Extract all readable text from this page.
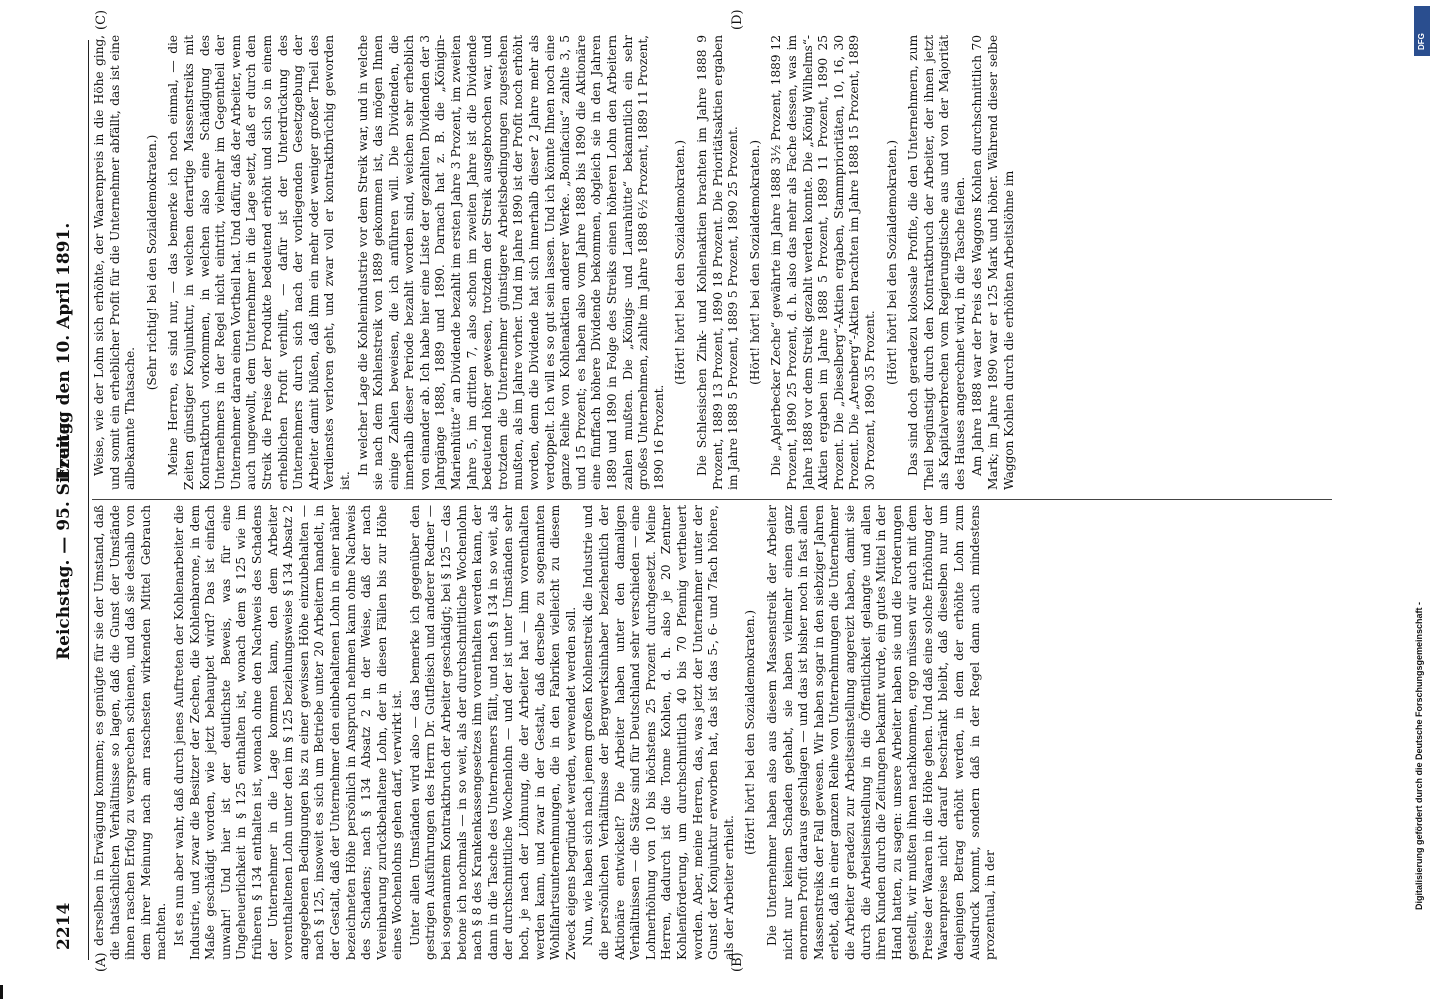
2214
Reichstag. — 95. Sitzung.
Freitag den 10. April 1891.
(A)	(B)
(C)	(D)

derselben in Erwägung kommen; es genügte für sie der Umstand, daß die thatsächlichen Verhältnisse so lagen, daß die Gunst der Umstände ihnen raschen Erfolg zu versprechen schienen, und daß sie deshalb von dem ihrer Meinung nach am raschesten wirkenden Mittel Gebrauch machten. Ist es nun aber wahr, daß durch jenes Auftreten der Kohlenarbeiter die Industrie, und zwar die Besitzer der Zechen, die Kohlenbarone, in dem Maße geschädigt worden, wie jetzt behauptet wird? Das ist einfach unwahr! Und hier ist der deutlichste Beweis, was für eine Ungeheuerlichkeit in § 125 enthalten ist, wonach dem § 125 wie im früheren § 134 enthalten ist, wonach ohne den Nachweis des Schadens der Unternehmer in die Lage kommen kann, den dem Arbeiter vorenthaltenen Lohn unter den im § 125 beziehungsweise § 134 Absatz 2 angegebenen Bedingungen bis zu einer gewissen Höhe einzubehalten — nach § 125, insoweit es sich um Betriebe unter 20 Arbeitern handelt, in der Gestalt, daß der Unternehmer den einbehaltenen Lohn in einer näher bezeichneten Höhe persönlich in Anspruch nehmen kann ohne Nachweis des Schadens; nach § 134 Absatz 2 in der Weise, daß der nach Vereinbarung zurückbehaltene Lohn, der in diesen Fällen bis zur Höhe eines Wochenlohns gehen darf, verwirkt ist. Unter allen Umständen wird also — das bemerke ich gegenüber den gestrigen Ausführungen des Herrn Dr. Gutfleisch und anderer Redner — bei sogenanntem Kontraktbruch der Arbeiter geschädigt; bei § 125 — das betone ich nochmals — in so weit, als der durchschnittliche Wochenlohn nach § 8 des Krankenkassengesetzes ihm vorenthalten werden kann, der dann in die Tasche des Unternehmers fällt, und nach § 134 in so weit, als der durchschnittliche Wochenlohn — und der ist unter Umständen sehr hoch, je nach der Löhnung, die der Arbeiter hat — ihm vorenthalten werden kann, und zwar in der Gestalt, daß derselbe zu sogenannten Wohlfahrtsunternehmungen, die in den Fabriken vielleicht zu diesem Zweck eigens begründet werden, verwendet werden soll. Nun, wie haben sich nach jenem großen Kohlenstreik die Industrie und die persönlichen Verhältnisse der Bergwerksinhaber beziehentlich der Aktionäre entwickelt? Die Arbeiter haben unter den damaligen Verhältnissen — die Sätze sind für Deutschland sehr verschieden — eine Lohnerhöhung von 10 bis höchstens 25 Prozent durchgesetzt. Meine Herren, dadurch ist die Tonne Kohlen, d. h. also je 20 Zentner Kohlenförderung, um durchschnittlich 40 bis 70 Pfennig vertheuert worden. Aber, meine Herren, das, was jetzt der Unternehmer unter der Gunst der Konjunktur erworben hat, das ist das 5-, 6- und 7fach höhere, als der Arbeiter erhielt.

(Hört! hört! bei den Sozialdemokraten.) Die Unternehmer haben also aus diesem Massenstreik der Arbeiter nicht nur keinen Schaden gehabt, sie haben vielmehr einen ganz enormen Profit daraus geschlagen — und das ist bisher noch in fast allen Massenstreiks der Fall gewesen. Wir haben sogar in den siebziger Jahren erlebt, daß in einer ganzen Reihe von Unternehmungen die Unternehmer die Arbeiter geradezu zur Arbeitseinstellung angereizt haben, damit sie durch die Arbeitseinstellung in die Öffentlichkeit gelangte und allen ihren Kunden durch die Zeitungen bekannt wurde, ein gutes Mittel in der Hand hatten, zu sagen: unsere Arbeiter haben sie und die Forderungen gestellt, wir mußten ihnen nachkommen, ergo müssen wir auch mit dem Preise der Waaren in die Höhe gehen. Und daß eine solche Erhöhung der Waarenpreise nicht darauf beschränkt bleibt, daß dieselben nur um denjenigen Betrag erhöht werden, in dem der erhöhte Lohn zum Ausdruck kommt, sondern daß in der Regel dann auch mindestens prozentual, in der

Weise, wie der Lohn sich erhöhte, der Waarenpreis in die Höhe ging, und somit ein erheblicher Profit für die Unternehmer abfällt, das ist eine allbekannte Thatsache.

(Sehr richtig! bei den Sozialdemokraten.) Meine Herren, es sind nur, — das bemerke ich noch einmal, — die Zeiten günstiger Konjunktur, in welchen derartige Massenstreiks mit Kontraktbruch vorkommen, in welchen also eine Schädigung des Unternehmers in der Regel nicht eintritt, vielmehr im Gegentheil der Unternehmer daran einen Vortheil hat. Und dafür, daß der Arbeiter, wenn auch ungewollt, dem Unternehmer in die Lage setzt, daß er durch den Streik die Preise der Produkte bedeutend erhöht und sich so in einem erheblichen Profit verhilft, — dafür ist der Unterdrückung des Unternehmers durch sich nach der vorliegenden Gesetzgebung der Arbeiter damit büßen, daß ihm ein mehr oder weniger großer Theil des Verdienstes verloren geht, und zwar voll er kontraktbrüchig geworden ist.

In welcher Lage die Kohlenindustrie vor dem Streik war, und in welche sie nach dem Kohlenstreik von 1889 gekommen ist, das mögen Ihnen einige Zahlen beweisen, die ich anführen will. Die Dividenden, die innerhalb dieser Periode bezahlt worden sind, weichen sehr erheblich von einander ab. Ich habe hier eine Liste der gezahlten Dividenden der 3 Jahrgänge 1888, 1889 und 1890. Darnach hat z. B. die „Königin-Marienhütte“ an Dividende bezahlt im ersten Jahre 3 Prozent, im zweiten Jahre 5, im dritten 7, also schon im zweiten Jahre ist die Dividende bedeutend höher gewesen, trotzdem der Streik ausgebrochen war, und trotzdem die Unternehmer günstigere Arbeitsbedingungen zugestehen mußten, als im Jahre vorher. Und im Jahre 1890 ist der Profit noch erhöht worden, denn die Dividende hat sich innerhalb dieser 2 Jahre mehr als verdoppelt. Ich will es so gut sein lassen. Und ich könnte Ihnen noch eine ganze Reihe von Kohlenaktien anderer Werke. „Bonifacius“ zahlte 3, 5 und 15 Prozent; es haben also vom Jahre 1888 bis 1890 die Aktionäre eine fünffach höhere Dividende bekommen, obgleich sie in den Jahren 1889 und 1890 in Folge des Streiks einen höheren Lohn den Arbeitern zahlen mußten. Die „Königs- und Laurahütte“ bekanntlich ein sehr großes Unternehmen, zahlte im Jahre 1888 6½ Prozent, 1889 11 Prozent, 1890 16 Prozent.

(Hört! hört! bei den Sozialdemokraten.) Die Schlesischen Zink- und Kohlenaktien brachten im Jahre 1888 9 Prozent, 1889 13 Prozent, 1890 18 Prozent. Die Prioritätsaktien ergaben im Jahre 1888 5 Prozent, 1889 5 Prozent, 1890 25 Prozent. (Hört! hört! bei den Sozialdemokraten.) Die „Aplerbecker Zeche“ gewährte im Jahre 1888 3½ Prozent, 1889 12 Prozent, 1890 25 Prozent, d. h. also das mehr als Fache dessen, was im Jahre 1888 vor dem Streik gezahlt werden konnte. Die „König Wilhelms“-Aktien ergaben im Jahre 1888 5 Prozent, 1889 11 Prozent, 1890 25 Prozent. Die „Dieselberg“-Aktien ergaben, Stammprioritäten, 10, 16, 30 Prozent. Die „Arenberg“-Aktien brachten im Jahre 1888 15 Prozent, 1889 30 Prozent, 1890 35 Prozent.

(Hört! hört! bei den Sozialdemokraten.) Das sind doch geradezu kolossale Profite, die den Unternehmern, zum Theil begünstigt durch den Kontraktbruch der Arbeiter, der ihnen jetzt als Kapitalverbrechen vom Regierungstische aus und von der Majorität des Hauses angerechnet wird, in die Tasche fielen. Am Jahre 1888 war der Preis des Waggons Kohlen durchschnittlich 70 Mark; im Jahre 1890 war er 125 Mark und höher. Während dieser selbe Waggon Kohlen durch die erhöhten Arbeitslöhne im

DFG
Digitalisierung gefördert durch die Deutsche Forschungsgemeinschaft -
